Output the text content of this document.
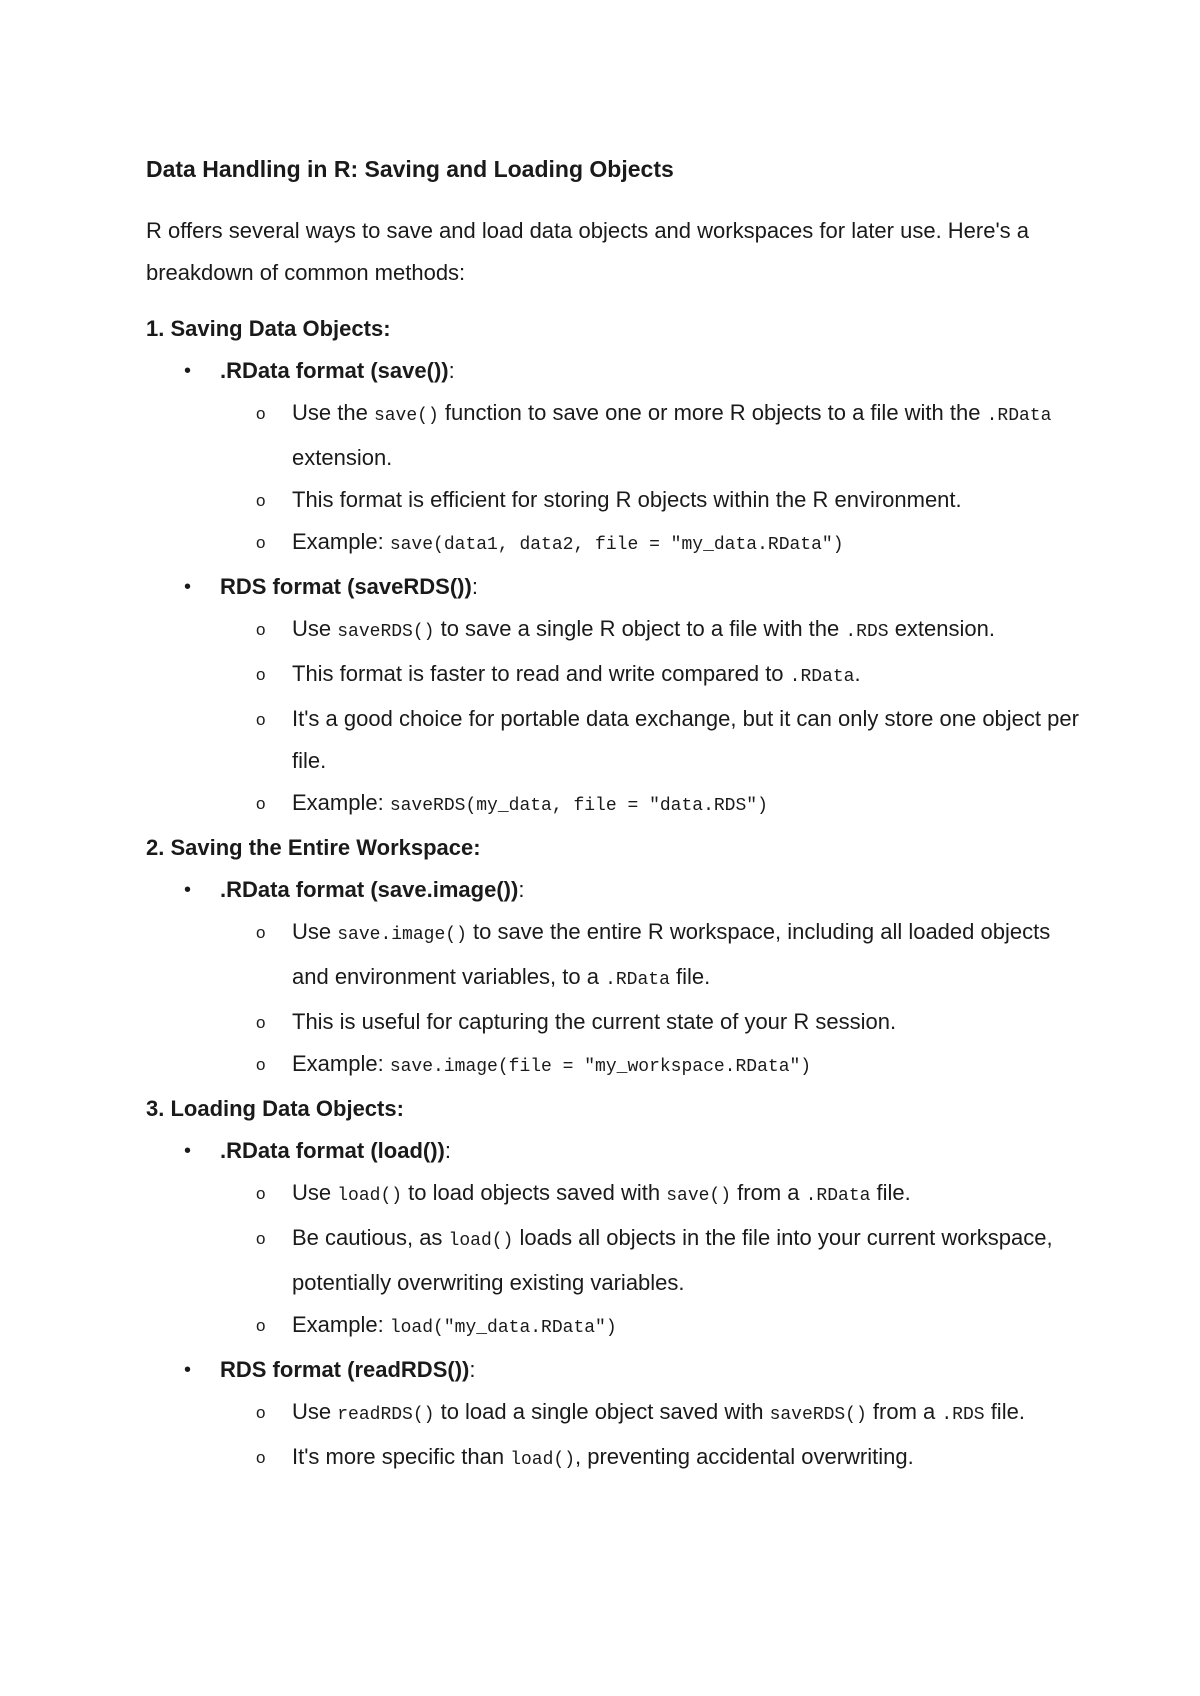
Data Handling in R: Saving and Loading Objects

R offers several ways to save and load data objects and workspaces for later use. Here's a breakdown of common methods:

1. Saving Data Objects:
• .RData format (save()):
o Use the save() function to save one or more R objects to a file with the .RData extension.
o This format is efficient for storing R objects within the R environment.
o Example: save(data1, data2, file = "my_data.RData")
• RDS format (saveRDS()):
o Use saveRDS() to save a single R object to a file with the .RDS extension.
o This format is faster to read and write compared to .RData.
o It's a good choice for portable data exchange, but it can only store one object per file.
o Example: saveRDS(my_data, file = "data.RDS")
2. Saving the Entire Workspace:
• .RData format (save.image()):
o Use save.image() to save the entire R workspace, including all loaded objects and environment variables, to a .RData file.
o This is useful for capturing the current state of your R session.
o Example: save.image(file = "my_workspace.RData")
3. Loading Data Objects:
• .RData format (load()):
o Use load() to load objects saved with save() from a .RData file.
o Be cautious, as load() loads all objects in the file into your current workspace, potentially overwriting existing variables.
o Example: load("my_data.RData")
• RDS format (readRDS()):
o Use readRDS() to load a single object saved with saveRDS() from a .RDS file.
o It's more specific than load(), preventing accidental overwriting.
